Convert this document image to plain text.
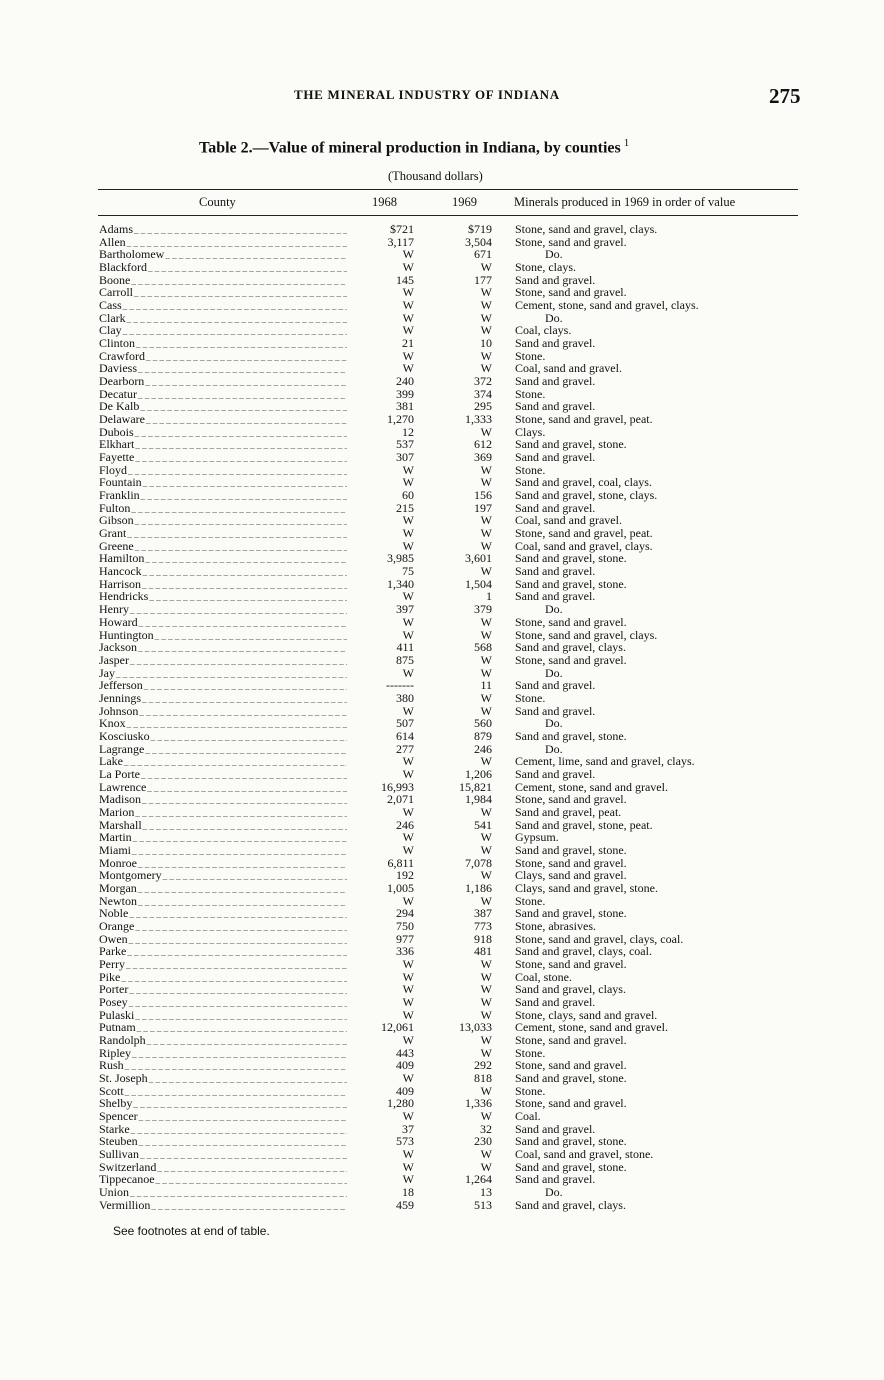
THE MINERAL INDUSTRY OF INDIANA	275
Table 2.—Value of mineral production in Indiana, by counties $^1$
(Thousand dollars)
County	1968	1969	Minerals produced in 1969 in order of value
Adams _ _ _	$721	$719 Stone, sand and gravel, clays.
Allen _ _ _	3,117	3,504 Stone, sand and gravel.
Bartholomew _ _ _	W	671	Do.
Blackford _ _ _	W	W Stone, clays.
Boone _ _ _	145	177 Sand and gravel.
Carroll _ _ _	W	W Stone, sand and gravel.
Cass _ _ _	W	W Cement, stone, sand and gravel, clays.
Clark _ _ _	W	W	Do.
Clay _ _ _	W	W Coal, clays.
Clinton _ _ _	21	10 Sand and gravel.
Crawford _ _ _	W	W Stone.
Daviess _ _ _	W	W Coal, sand and gravel.
Dearborn _ _ _	240	372 Sand and gravel.
Decatur _ _ _	399	374 Stone.
De Kalb _ _ _	381	295 Sand and gravel.
Delaware _ _ _	1,270	1,333 Stone, sand and gravel, peat.
Dubois _ _ _	12	W Clays.
Elkhart _ _ _	537	612 Sand and gravel, stone.
Fayette _ _ _	307	369 Sand and gravel.
Floyd _ _ _	W	W Stone.
Fountain _ _ _	W	W Sand and gravel, coal, clays.
Franklin _ _ _	60	156 Sand and gravel, stone, clays.
Fulton _ _ _	215	197 Sand and gravel.
Gibson _ _ _	W	W Coal, sand and gravel.
Grant _ _ _	W	W Stone, sand and gravel, peat.
Greene _ _ _	W	W Coal, sand and gravel, clays.
Hamilton _ _ _	3,985	3,601 Sand and gravel, stone.
Hancock _ _ _	75	W Sand and gravel.
Harrison _ _ _	1,340	1,504 Sand and gravel, stone.
Hendricks _ _ _	W	1 Sand and gravel.
Henry _ _ _	397	379	Do.
Howard _ _ _	W	W Stone, sand and gravel.
Huntington _ _ _	W	W Stone, sand and gravel, clays.
Jackson _ _ _	411	568 Sand and gravel, clays.
Jasper _ _ _	875	W Stone, sand and gravel.
Jay _ _ _	W	W	Do.
Jefferson _ _ _	-------	11 Sand and gravel.
Jennings _ _ _	380	W Stone.
Johnson _ _ _	W	W Sand and gravel.
Knox _ _ _	507	560	Do.
Kosciusko _ _ _	614	879 Sand and gravel, stone.
Lagrange _ _ _	277	246	Do.
Lake _ _ _	W	W Cement, lime, sand and gravel, clays.
La Porte _ _ _	W	1,206 Sand and gravel.
Lawrence _ _ _	16,993	15,821 Cement, stone, sand and gravel.
Madison _ _ _	2,071	1,984 Stone, sand and gravel.
Marion _ _ _	W	W Sand and gravel, peat.
Marshall _ _ _	246	541 Sand and gravel, stone, peat.
Martin _ _ _	W	W Gypsum.
Miami _ _ _	W	W Sand and gravel, stone.
Monroe _ _ _	6,811	7,078 Stone, sand and gravel.
Montgomery _ _ _	192	W Clays, sand and gravel.
Morgan _ _ _	1,005	1,186 Clays, sand and gravel, stone.
Newton _ _ _	W	W Stone.
Noble _ _ _	294	387 Sand and gravel, stone.
Orange _ _ _	750	773 Stone, abrasives.
Owen _ _ _	977	918 Stone, sand and gravel, clays, coal.
Parke _ _ _	336	481 Sand and gravel, clays, coal.
Perry _ _ _	W	W Stone, sand and gravel.
Pike _ _ _	W	W Coal, stone.
Porter _ _ _	W	W Sand and gravel, clays.
Posey _ _ _	W	W Sand and gravel.
Pulaski _ _ _	W	W Stone, clays, sand and gravel.
Putnam _ _ _	12,061	13,033 Cement, stone, sand and gravel.
Randolph _ _ _	W	W Stone, sand and gravel.
Ripley _ _ _	443	W Stone.
Rush _ _ _	409	292 Stone, sand and gravel.
St. Joseph _ _ _	W	818 Sand and gravel, stone.
Scott _ _ _	409	W Stone.
Shelby _ _ _	1,280	1,336 Stone, sand and gravel.
Spencer _ _ _	W	W Coal.
Starke _ _ _	37	32 Sand and gravel.
Steuben _ _ _	573	230 Sand and gravel, stone.
Sullivan _ _ _	W	W Coal, sand and gravel, stone.
Switzerland _ _ _	W	W Sand and gravel, stone.
Tippecanoe _ _ _	W	1,264 Sand and gravel.
Union _ _ _	18	13	Do.
Vermillion _ _ _	459	513 Sand and gravel, clays.
See footnotes at end of table.
